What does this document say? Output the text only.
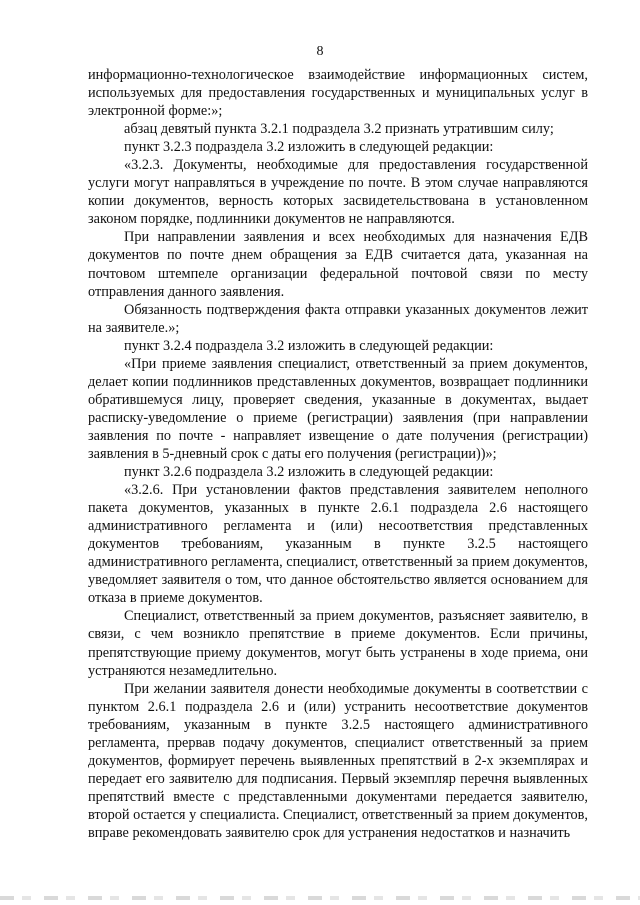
8

информационно-технологическое взаимодействие информационных систем, используемых для предоставления государственных и муниципальных услуг в электронной форме:»;

абзац девятый пункта 3.2.1 подраздела 3.2 признать утратившим силу;

пункт 3.2.3 подраздела 3.2 изложить в следующей редакции:

«3.2.3. Документы, необходимые для предоставления государственной услуги могут направляться в учреждение по почте. В этом случае направляются копии документов, верность которых засвидетельствована в установленном законом порядке, подлинники документов не направляются.

При направлении заявления и всех необходимых для назначения ЕДВ документов по почте днем обращения за ЕДВ считается дата, указанная на почтовом штемпеле организации федеральной почтовой связи по месту отправления данного заявления.

Обязанность подтверждения факта отправки указанных документов лежит на заявителе.»;

пункт 3.2.4 подраздела 3.2 изложить в следующей редакции:

«При приеме заявления специалист, ответственный за прием документов, делает копии подлинников представленных документов, возвращает подлинники обратившемуся лицу, проверяет сведения, указанные в документах, выдает расписку-уведомление о приеме (регистрации) заявления (при направлении заявления по почте - направляет извещение о дате получения (регистрации) заявления в 5-дневный срок с даты его получения (регистрации))»;

пункт 3.2.6 подраздела 3.2 изложить в следующей редакции:

«3.2.6. При установлении фактов представления заявителем неполного пакета документов, указанных в пункте 2.6.1 подраздела 2.6 настоящего административного регламента и (или) несоответствия представленных документов требованиям, указанным в пункте 3.2.5 настоящего административного регламента, специалист, ответственный за прием документов, уведомляет заявителя о том, что данное обстоятельство является основанием для отказа в приеме документов.

Специалист, ответственный за прием документов, разъясняет заявителю, в связи, с чем возникло препятствие в приеме документов. Если причины, препятствующие приему документов, могут быть устранены в ходе приема, они устраняются незамедлительно.

При желании заявителя донести необходимые документы в соответствии с пунктом 2.6.1 подраздела 2.6 и (или) устранить несоответствие документов требованиям, указанным в пункте 3.2.5 настоящего административного регламента, прервав подачу документов, специалист ответственный за прием документов, формирует перечень выявленных препятствий в 2-х экземплярах и передает его заявителю для подписания. Первый экземпляр перечня выявленных препятствий вместе с представленными документами передается заявителю, второй остается у специалиста. Специалист, ответственный за прием документов, вправе рекомендовать заявителю срок для устранения недостатков и назначить
